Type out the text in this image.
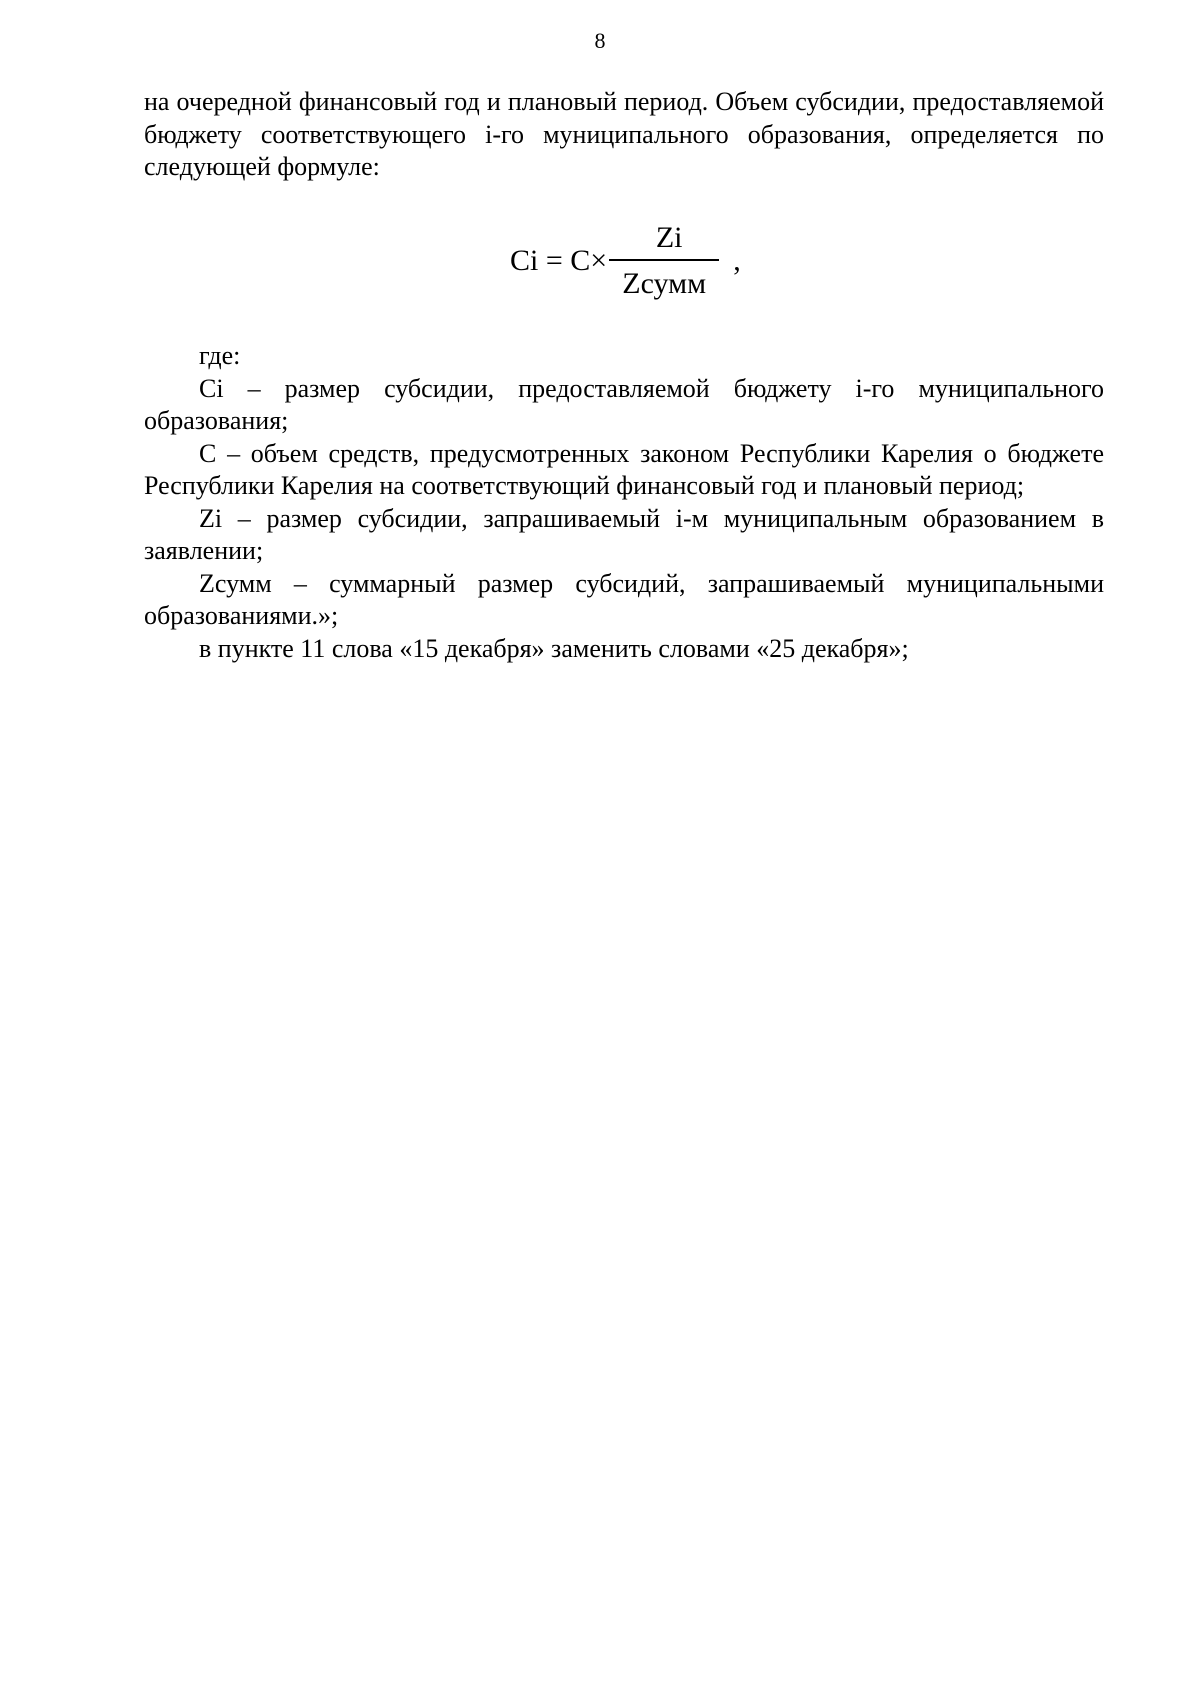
8

на очередной финансовый год и плановый период. Объем субсидии, предоставляемой бюджету соответствующего i-го муниципального образования, определяется по следующей формуле:

$Ci = C\times \frac{Zi}{\text{Zсумм}}$ ,

где:

Ci – размер субсидии, предоставляемой бюджету i-го муниципального образования;

C – объем средств, предусмотренных законом Республики Карелия о бюджете Республики Карелия на соответствующий финансовый год и плановый период;

Zi – размер субсидии, запрашиваемый i-м муниципальным образованием в заявлении;

Zсумм – суммарный размер субсидий, запрашиваемый муниципальными образованиями.»;

в пункте 11 слова «15 декабря» заменить словами «25 декабря»;
